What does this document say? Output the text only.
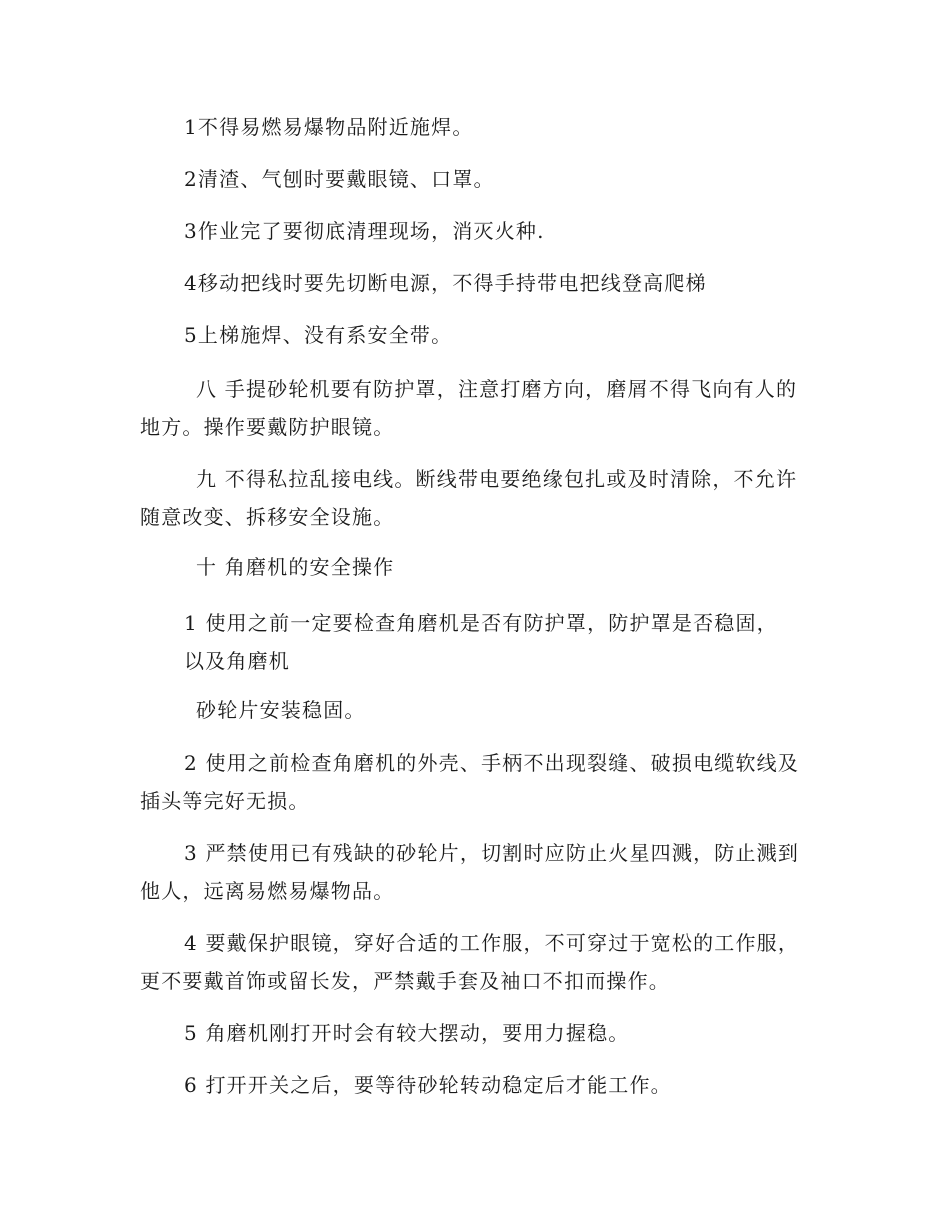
1不得易燃易爆物品附近施焊。

2清渣、气刨时要戴眼镜、口罩。

3作业完了要彻底清理现场，消灭火种.

4移动把线时要先切断电源，不得手持带电把线登高爬梯

5上梯施焊、没有系安全带。

八 手提砂轮机要有防护罩，注意打磨方向，磨屑不得飞向有人的地方。操作要戴防护眼镜。

九 不得私拉乱接电线。断线带电要绝缘包扎或及时清除，不允许随意改变、拆移安全设施。

十 角磨机的安全操作

1 使用之前一定要检查角磨机是否有防护罩，防护罩是否稳固，
以及角磨机

砂轮片安装稳固。

2 使用之前检查角磨机的外壳、手柄不出现裂缝、破损电缆软线及插头等完好无损。

3 严禁使用已有残缺的砂轮片，切割时应防止火星四溅，防止溅到他人，远离易燃易爆物品。

4 要戴保护眼镜，穿好合适的工作服，不可穿过于宽松的工作服，更不要戴首饰或留长发，严禁戴手套及袖口不扣而操作。

5 角磨机刚打开时会有较大摆动，要用力握稳。

6 打开开关之后，要等待砂轮转动稳定后才能工作。
